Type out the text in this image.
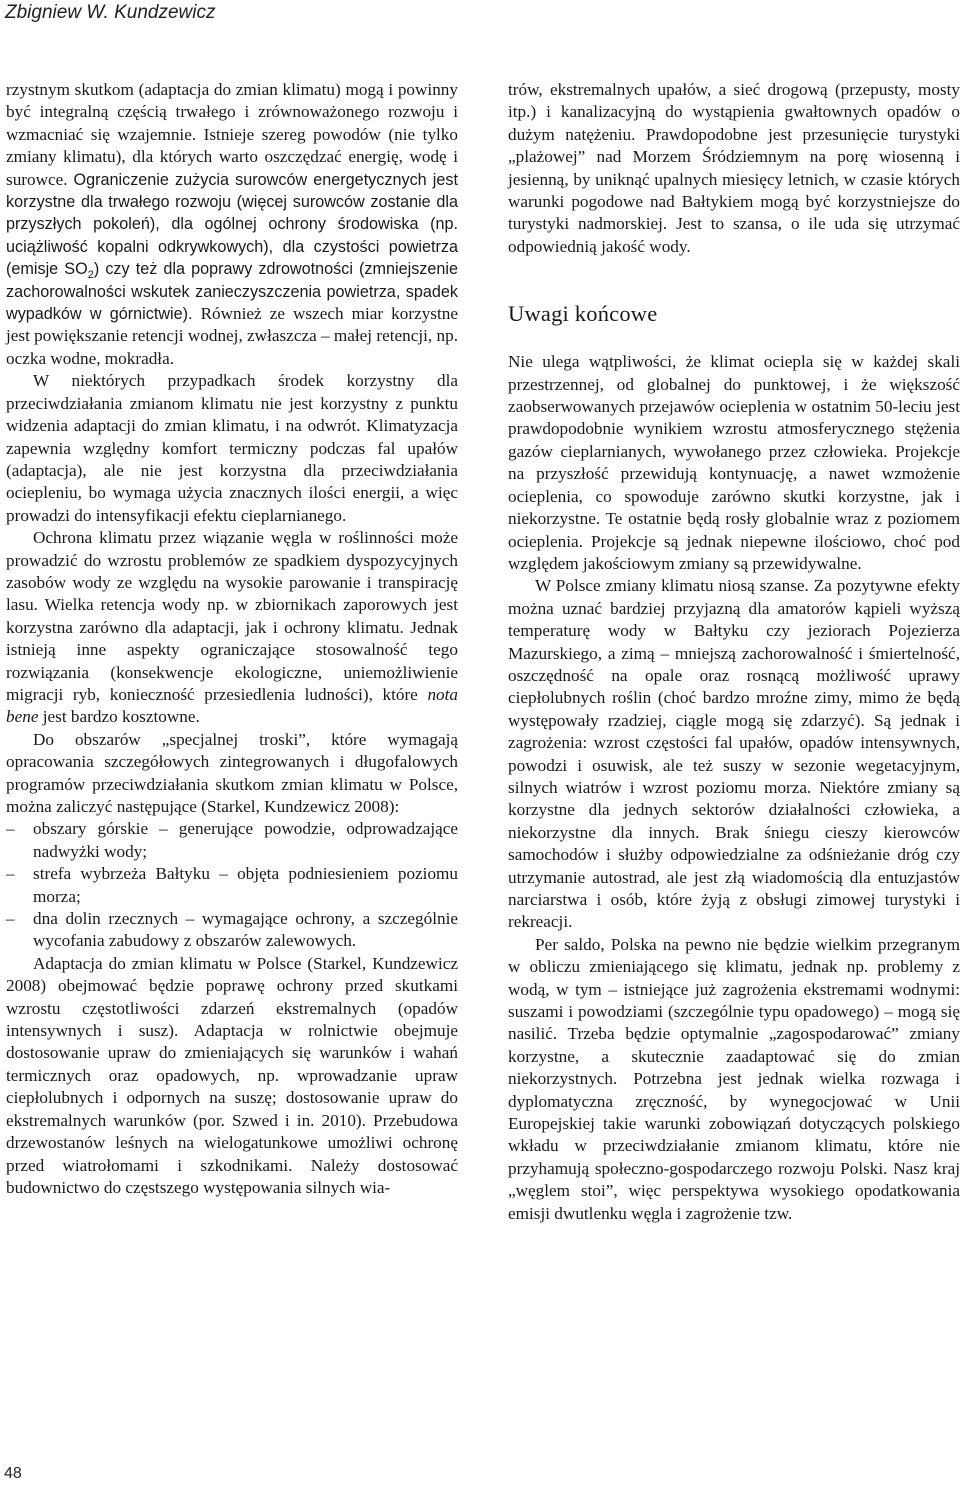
Zbigniew W. Kundzewicz

rzystnym skutkom (adaptacja do zmian klimatu) mogą i powinny być integralną częścią trwałego i zrównoważonego rozwoju i wzmacniać się wzajemnie. Istnieje szereg powodów (nie tylko zmiany klimatu), dla których warto oszczędzać energię, wodę i surowce. Ograniczenie zużycia surowców energetycznych jest korzystne dla trwałego rozwoju (więcej surowców zostanie dla przyszłych pokoleń), dla ogólnej ochrony środowiska (np. uciążliwość kopalni odkrywkowych), dla czystości powietrza (emisje $SO_2$) czy też dla poprawy zdrowotności (zmniejszenie zachorowalności wskutek zanieczyszczenia powietrza, spadek wypadków w górnictwie). Również ze wszech miar korzystne jest powiększanie retencji wodnej, zwłaszcza – małej retencji, np. oczka wodne, mokradła.

W niektórych przypadkach środek korzystny dla przeciwdziałania zmianom klimatu nie jest korzystny z punktu widzenia adaptacji do zmian klimatu, i na odwrót. Klimatyzacja zapewnia względny komfort termiczny podczas fal upałów (adaptacja), ale nie jest korzystna dla przeciwdziałania ociepleniu, bo wymaga użycia znacznych ilości energii, a więc prowadzi do intensyfikacji efektu cieplarnianego.

Ochrona klimatu przez wiązanie węgla w roślinności może prowadzić do wzrostu problemów ze spadkiem dyspozycyjnych zasobów wody ze względu na wysokie parowanie i transpirację lasu. Wielka retencja wody np. w zbiornikach zaporowych jest korzystna zarówno dla adaptacji, jak i ochrony klimatu. Jednak istnieją inne aspekty ograniczające stosowalność tego rozwiązania (konsekwencje ekologiczne, uniemożliwienie migracji ryb, konieczność przesiedlenia ludności), które nota bene jest bardzo kosztowne.

Do obszarów „specjalnej troski”, które wymagają opracowania szczegółowych zintegrowanych i długofalowych programów przeciwdziałania skutkom zmian klimatu w Polsce, można zaliczyć następujące (Starkel, Kundzewicz 2008):

– obszary górskie – generujące powodzie, odprowadzające nadwyżki wody;
– strefa wybrzeża Bałtyku – objęta podniesieniem poziomu morza;
– dna dolin rzecznych – wymagające ochrony, a szczególnie wycofania zabudowy z obszarów zalewowych.

Adaptacja do zmian klimatu w Polsce (Starkel, Kundzewicz 2008) obejmować będzie poprawę ochrony przed skutkami wzrostu częstotliwości zdarzeń ekstremalnych (opadów intensywnych i susz). Adaptacja w rolnictwie obejmuje dostosowanie upraw do zmieniających się warunków i wahań termicznych oraz opadowych, np. wprowadzanie upraw ciepłolubnych i odpornych na suszę; dostosowanie upraw do ekstremalnych warunków (por. Szwed i in. 2010). Przebudowa drzewostanów leśnych na wielogatunkowe umożliwi ochronę przed wiatrołomami i szkodnikami. Należy dostosować budownictwo do częstszego występowania silnych wia-

trów, ekstremalnych upałów, a sieć drogową (przepusty, mosty itp.) i kanalizacyjną do wystąpienia gwałtownych opadów o dużym natężeniu. Prawdopodobne jest przesunięcie turystyki „plażowej” nad Morzem Śródziemnym na porę wiosenną i jesienną, by uniknąć upalnych miesięcy letnich, w czasie których warunki pogodowe nad Bałtykiem mogą być korzystniejsze do turystyki nadmorskiej. Jest to szansa, o ile uda się utrzymać odpowiednią jakość wody.

Uwagi końcowe

Nie ulega wątpliwości, że klimat ociepla się w każdej skali przestrzennej, od globalnej do punktowej, i że większość zaobserwowanych przejawów ocieplenia w ostatnim 50-leciu jest prawdopodobnie wynikiem wzrostu atmosferycznego stężenia gazów cieplarnianych, wywołanego przez człowieka. Projekcje na przyszłość przewidują kontynuację, a nawet wzmożenie ocieplenia, co spowoduje zarówno skutki korzystne, jak i niekorzystne. Te ostatnie będą rosły globalnie wraz z poziomem ocieplenia. Projekcje są jednak niepewne ilościowo, choć pod względem jakościowym zmiany są przewidywalne.

W Polsce zmiany klimatu niosą szanse. Za pozytywne efekty można uznać bardziej przyjazną dla amatorów kąpieli wyższą temperaturę wody w Bałtyku czy jeziorach Pojezierza Mazurskiego, a zimą – mniejszą zachorowalność i śmiertelność, oszczędność na opale oraz rosnącą możliwość uprawy ciepłolubnych roślin (choć bardzo mroźne zimy, mimo że będą występowały rzadziej, ciągle mogą się zdarzyć). Są jednak i zagrożenia: wzrost częstości fal upałów, opadów intensywnych, powodzi i osuwisk, ale też suszy w sezonie wegetacyjnym, silnych wiatrów i wzrost poziomu morza. Niektóre zmiany są korzystne dla jednych sektorów działalności człowieka, a niekorzystne dla innych. Brak śniegu cieszy kierowców samochodów i służby odpowiedzialne za odśnieżanie dróg czy utrzymanie autostrad, ale jest złą wiadomością dla entuzjastów narciarstwa i osób, które żyją z obsługi zimowej turystyki i rekreacji.

Per saldo, Polska na pewno nie będzie wielkim przegranym w obliczu zmieniającego się klimatu, jednak np. problemy z wodą, w tym – istniejące już zagrożenia ekstremami wodnymi: suszami i powodziami (szczególnie typu opadowego) – mogą się nasilić. Trzeba będzie optymalnie „zagospodarować” zmiany korzystne, a skutecznie zaadaptować się do zmian niekorzystnych. Potrzebna jest jednak wielka rozwaga i dyplomatyczna zręczność, by wynegocjować w Unii Europejskiej takie warunki zobowiązań dotyczących polskiego wkładu w przeciwdziałanie zmianom klimatu, które nie przyhamują społeczno-gospodarczego rozwoju Polski. Nasz kraj „węglem stoi”, więc perspektywa wysokiego opodatkowania emisji dwutlenku węgla i zagrożenie tzw.

48
